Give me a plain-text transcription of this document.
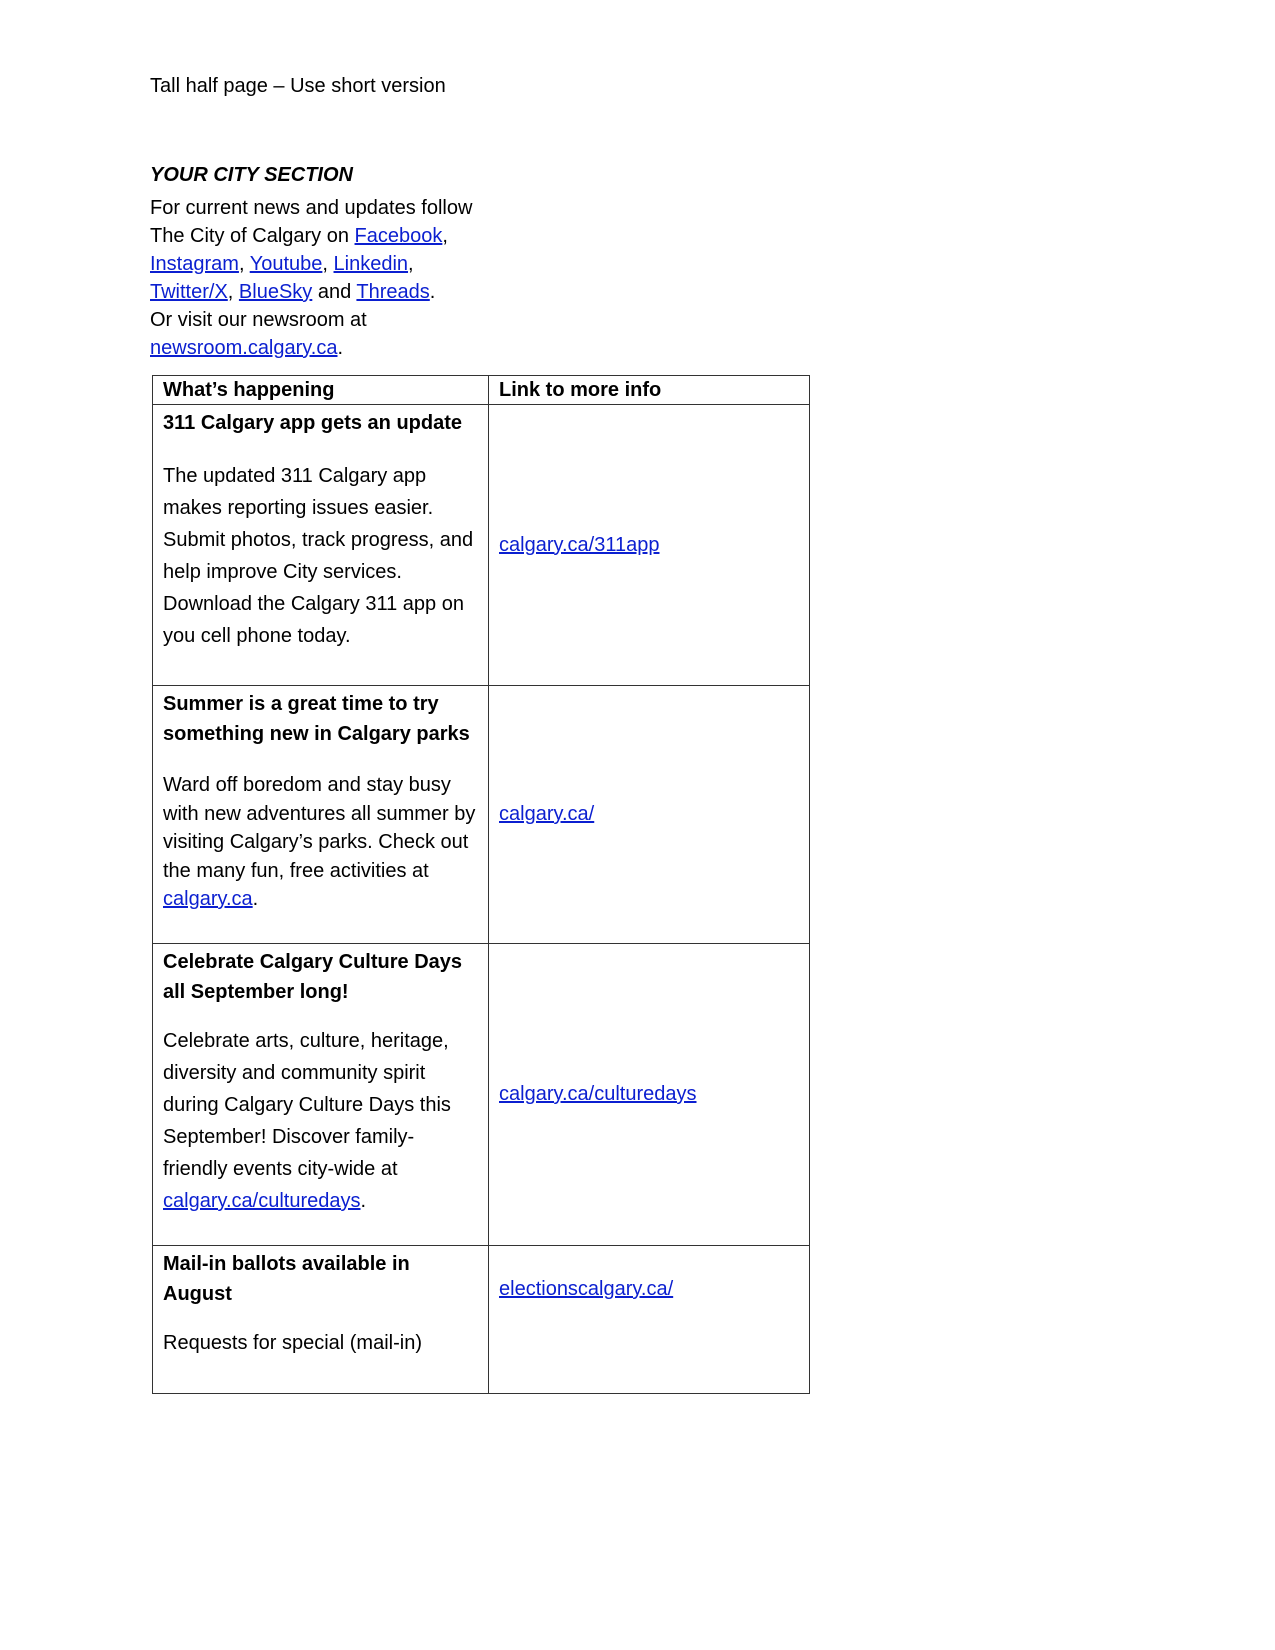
Tall half page – Use short version
YOUR CITY SECTION
For current news and updates follow
The City of Calgary on Facebook,
Instagram, Youtube, Linkedin,
Twitter/X, BlueSky and Threads.
Or visit our newsroom at
newsroom.calgary.ca.
What’s happening	Link to more info

311 Calgary app gets an update
The updated 311 Calgary app makes reporting issues easier. Submit photos, track progress, and help improve City services. Download the Calgary 311 app on you cell phone today.	calgary.ca/311app

Summer is a great time to try something new in Calgary parks
Ward off boredom and stay busy with new adventures all summer by visiting Calgary’s parks. Check out the many fun, free activities at calgary.ca.	calgary.ca/

Celebrate Calgary Culture Days all September long!
Celebrate arts, culture, heritage, diversity and community spirit during Calgary Culture Days this September! Discover family-friendly events city-wide at calgary.ca/culturedays.	calgary.ca/culturedays

Mail-in ballots available in August
Requests for special (mail-in)	electionscalgary.ca/
